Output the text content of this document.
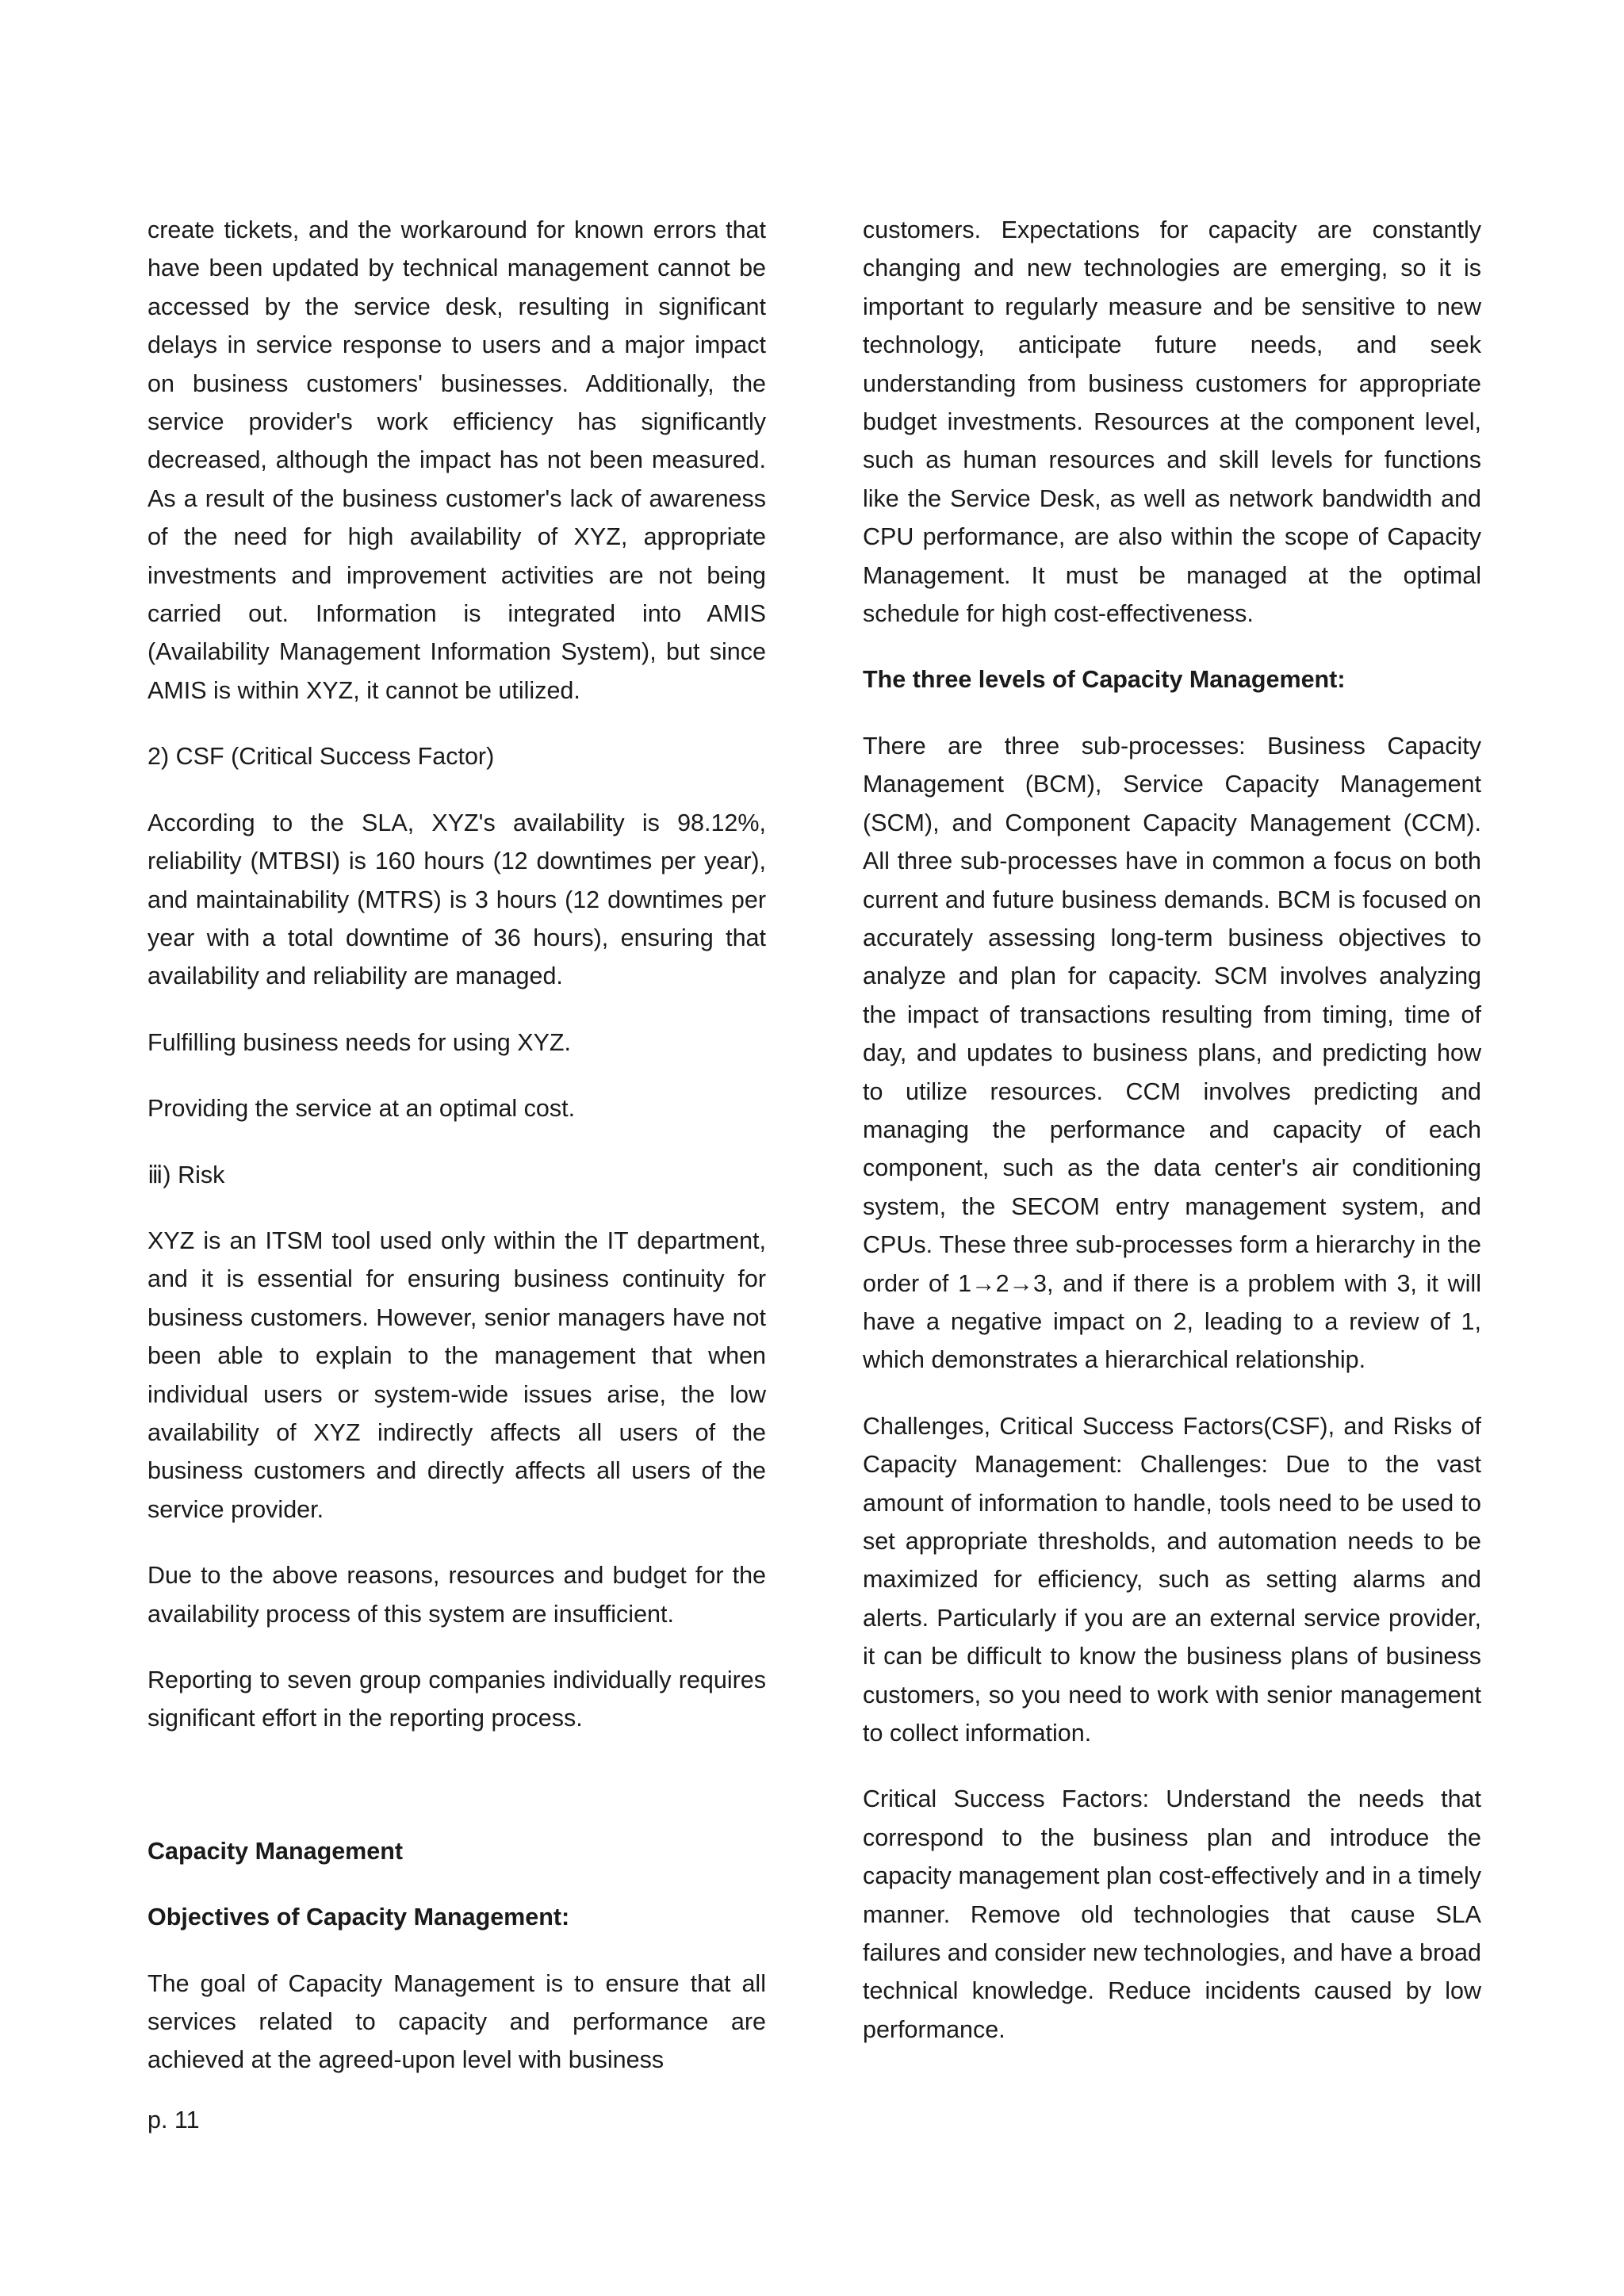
create tickets, and the workaround for known errors that have been updated by technical management cannot be accessed by the service desk, resulting in significant delays in service response to users and a major impact on business customers' businesses. Additionally, the service provider's work efficiency has significantly decreased, although the impact has not been measured. As a result of the business customer's lack of awareness of the need for high availability of XYZ, appropriate investments and improvement activities are not being carried out. Information is integrated into AMIS (Availability Management Information System), but since AMIS is within XYZ, it cannot be utilized.

2) CSF (Critical Success Factor)

According to the SLA, XYZ's availability is 98.12%, reliability (MTBSI) is 160 hours (12 downtimes per year), and maintainability (MTRS) is 3 hours (12 downtimes per year with a total downtime of 36 hours), ensuring that availability and reliability are managed.

Fulfilling business needs for using XYZ.

Providing the service at an optimal cost.

ⅲ) Risk

XYZ is an ITSM tool used only within the IT department, and it is essential for ensuring business continuity for business customers. However, senior managers have not been able to explain to the management that when individual users or system-wide issues arise, the low availability of XYZ indirectly affects all users of the business customers and directly affects all users of the service provider.

Due to the above reasons, resources and budget for the availability process of this system are insufficient.

Reporting to seven group companies individually requires significant effort in the reporting process.

Capacity Management

Objectives of Capacity Management:

The goal of Capacity Management is to ensure that all services related to capacity and performance are achieved at the agreed-upon level with business

customers. Expectations for capacity are constantly changing and new technologies are emerging, so it is important to regularly measure and be sensitive to new technology, anticipate future needs, and seek understanding from business customers for appropriate budget investments. Resources at the component level, such as human resources and skill levels for functions like the Service Desk, as well as network bandwidth and CPU performance, are also within the scope of Capacity Management. It must be managed at the optimal schedule for high cost-effectiveness.

The three levels of Capacity Management:

There are three sub-processes: Business Capacity Management (BCM), Service Capacity Management (SCM), and Component Capacity Management (CCM). All three sub-processes have in common a focus on both current and future business demands. BCM is focused on accurately assessing long-term business objectives to analyze and plan for capacity. SCM involves analyzing the impact of transactions resulting from timing, time of day, and updates to business plans, and predicting how to utilize resources. CCM involves predicting and managing the performance and capacity of each component, such as the data center's air conditioning system, the SECOM entry management system, and CPUs. These three sub-processes form a hierarchy in the order of 1→2→3, and if there is a problem with 3, it will have a negative impact on 2, leading to a review of 1, which demonstrates a hierarchical relationship.

Challenges, Critical Success Factors(CSF), and Risks of Capacity Management: Challenges: Due to the vast amount of information to handle, tools need to be used to set appropriate thresholds, and automation needs to be maximized for efficiency, such as setting alarms and alerts. Particularly if you are an external service provider, it can be difficult to know the business plans of business customers, so you need to work with senior management to collect information.

Critical Success Factors: Understand the needs that correspond to the business plan and introduce the capacity management plan cost-effectively and in a timely manner. Remove old technologies that cause SLA failures and consider new technologies, and have a broad technical knowledge. Reduce incidents caused by low performance.

p. 11
